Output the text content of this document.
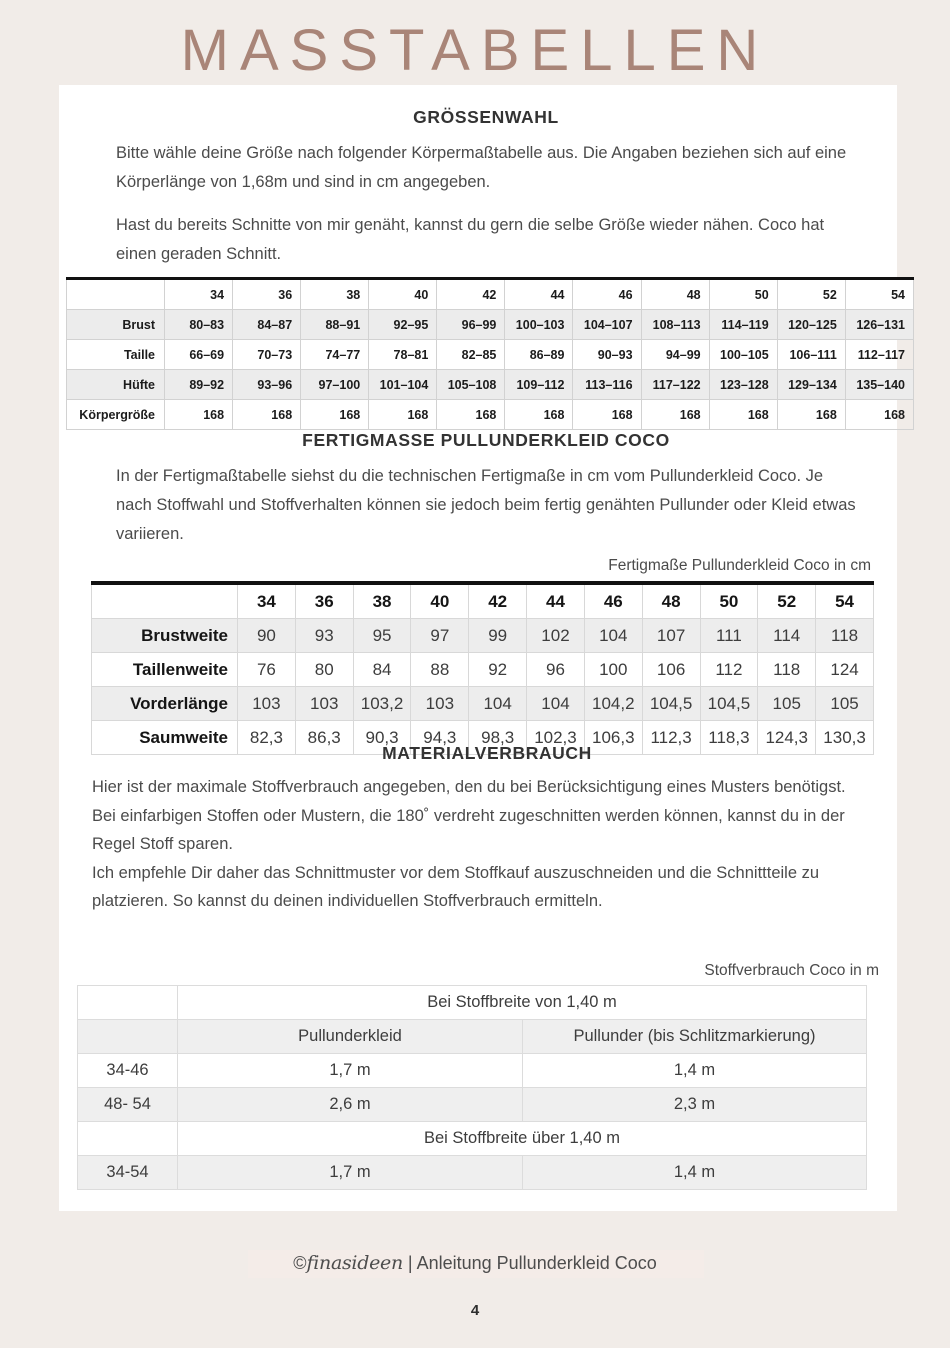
MASSTABELLEN
GRÖSSENWAHL

Bitte wähle deine Größe nach folgender Körpermaßtabelle aus. Die Angaben beziehen sich auf eine Körperlänge von 1,68m und sind in cm angegeben.

Hast du bereits Schnitte von mir genäht, kannst du gern die selbe Größe wieder nähen. Coco hat einen geraden Schnitt.

	34	36	38	40	42	44	46	48	50	52	54
Brust	80–83	84–87	88–91	92–95	96–99	100–103	104–107	108–113	114–119	120–125	126–131
Taille	66–69	70–73	74–77	78–81	82–85	86–89	90–93	94–99	100–105	106–111	112–117
Hüfte	89–92	93–96	97–100	101–104	105–108	109–112	113–116	117–122	123–128	129–134	135–140
Körpergröße	168	168	168	168	168	168	168	168	168	168	168
FERTIGMASSE PULLUNDERKLEID COCO

In der Fertigmaßtabelle siehst du die technischen Fertigmaße in cm vom Pullunderkleid Coco. Je nach Stoffwahl und Stoffverhalten können sie jedoch beim fertig genähten Pullunder oder Kleid etwas variieren.

Fertigmaße Pullunderkleid Coco in cm
	34	36	38	40	42	44	46	48	50	52	54
Brustweite	90	93	95	97	99	102	104	107	111	114	118
Taillenweite	76	80	84	88	92	96	100	106	112	118	124
Vorderlänge	103	103	103,2	103	104	104	104,2	104,5	104,5	105	105
Saumweite	82,3	86,3	90,3	94,3	98,3	102,3	106,3	112,3	118,3	124,3	130,3
MATERIALVERBRAUCH

Hier ist der maximale Stoffverbrauch angegeben, den du bei Berücksichtigung eines Musters benötigst.

Bei einfarbigen Stoffen oder Mustern, die 180˚ verdreht zugeschnitten werden können, kannst du in der Regel Stoff sparen.

Ich empfehle Dir daher das Schnittmuster vor dem Stoffkauf auszuschneiden und die Schnittteile zu platzieren. So kannst du deinen individuellen Stoffverbrauch ermitteln.

Stoffverbrauch Coco in m
	Bei Stoffbreite von 1,40 m	
	Pullunderkleid	Pullunder (bis Schlitzmarkierung)
34-46	1,7 m	1,4 m
48- 54	2,6 m	2,3 m
	Bei Stoffbreite über 1,40 m	
34-54	1,7 m	1,4 m
©finasideen | Anleitung Pullunderkleid Coco
4
